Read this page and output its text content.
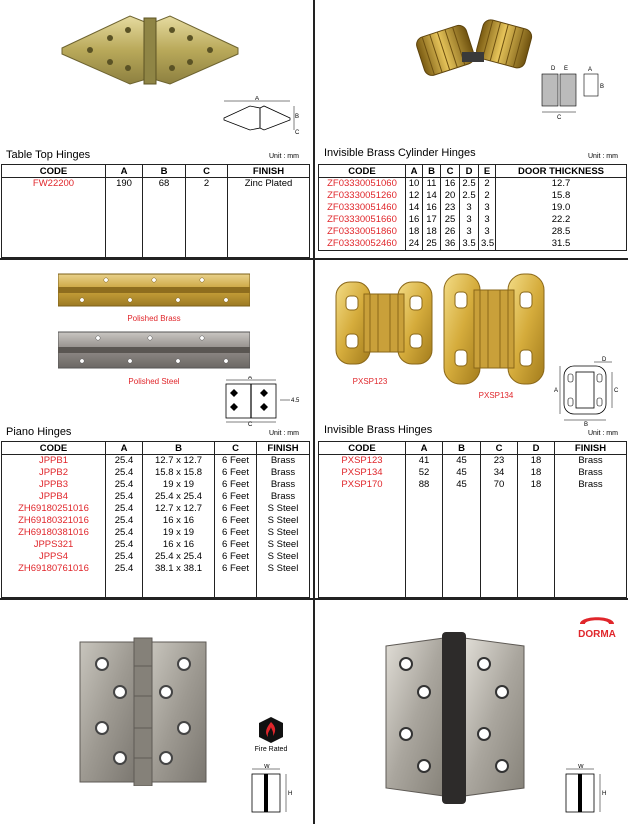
A
B
C
Table Top Hinges	Unit : mm
CODE	A	B	C	FINISH
FW22200	190	68	2	Zinc Plated

D E	A
B
C
Invisible Brass Cylinder Hinges	Unit : mm
CODE	A	B	C	D	E	DOOR THICKNESS
ZF03330051060	10	11	16	2.5	2	12.7
ZF03330051260	12	14	20	2.5	2	15.8
ZF03330051460	14	16	23	3	3	19.0
ZF03330051660	16	17	25	3	3	22.2
ZF03330051860	18	18	26	3	3	28.5
ZF03330052460	24	25	36	3.5	3.5	31.5
Polished Brass
Polished Steel	A
C
4.5
Piano Hinges	Unit : mm
CODE	A	B	C	FINISH
JPPB1	25.4	12.7 x 12.7	6 Feet	Brass
JPPB2	25.4	15.8 x 15.8	6 Feet	Brass
JPPB3	25.4	19 x 19	6 Feet	Brass
JPPB4	25.4	25.4 x 25.4	6 Feet	Brass
ZH69180251016	25.4	12.7 x 12.7	6 Feet	S Steel
ZH69180321016	25.4	16 x 16	6 Feet	S Steel
ZH69180381016	25.4	19 x 19	6 Feet	S Steel
JPPS321	25.4	16 x 16	6 Feet	S Steel
JPPS4	25.4	25.4 x 25.4	6 Feet	S Steel
ZH69180761016	25.4	38.1 x 38.1	6 Feet	S Steel

PXSP123
PXSP134
D
A
B
C
Invisible Brass Hinges	Unit : mm
CODE	A	B	C	D	FINISH
PXSP123	41	45	23	18	Brass
PXSP134	52	45	34	18	Brass
PXSP170	88	45	70	18	Brass

Fire Rated
W
H
DORMA
W
H
